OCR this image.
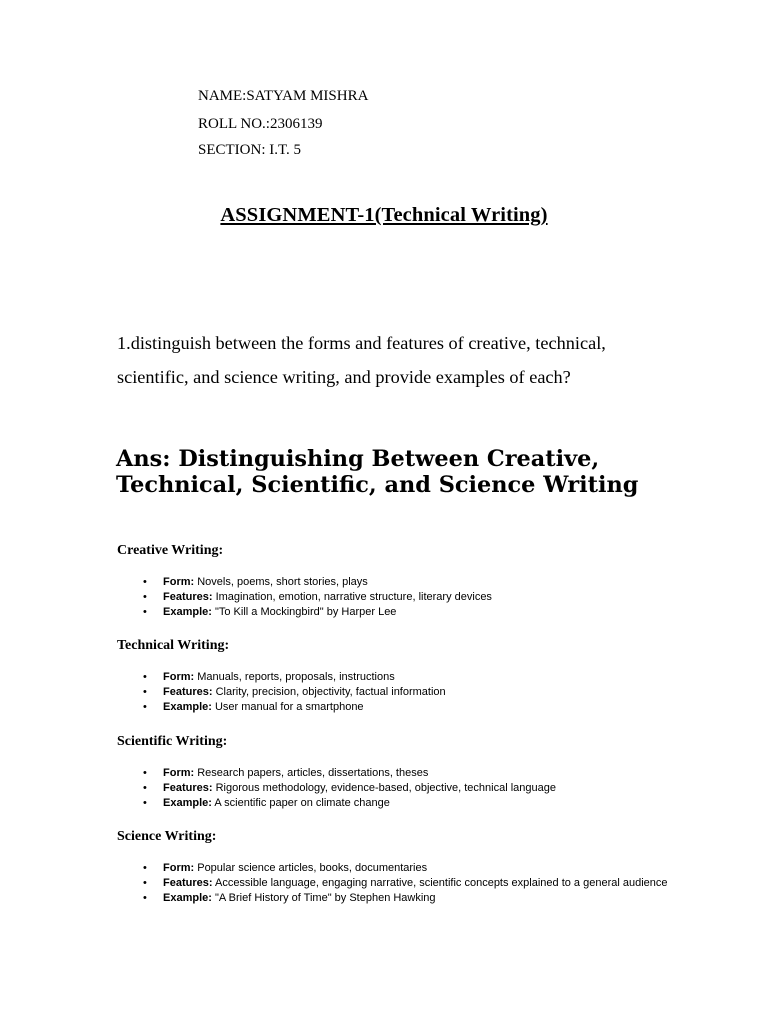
NAME:SATYAM MISHRA
ROLL NO.:2306139
SECTION: I.T. 5
ASSIGNMENT-1(Technical Writing)
1.distinguish between the forms and features of creative, technical, scientific, and science writing, and provide examples of each?
Ans: Distinguishing Between Creative, Technical, Scientific, and Science Writing

Creative Writing:

• Form: Novels, poems, short stories, plays
• Features: Imagination, emotion, narrative structure, literary devices
• Example: "To Kill a Mockingbird" by Harper Lee

Technical Writing:

• Form: Manuals, reports, proposals, instructions
• Features: Clarity, precision, objectivity, factual information
• Example: User manual for a smartphone

Scientific Writing:

• Form: Research papers, articles, dissertations, theses
• Features: Rigorous methodology, evidence-based, objective, technical language
• Example: A scientific paper on climate change

Science Writing:

• Form: Popular science articles, books, documentaries
• Features: Accessible language, engaging narrative, scientific concepts explained to a general audience
• Example: "A Brief History of Time" by Stephen Hawking
